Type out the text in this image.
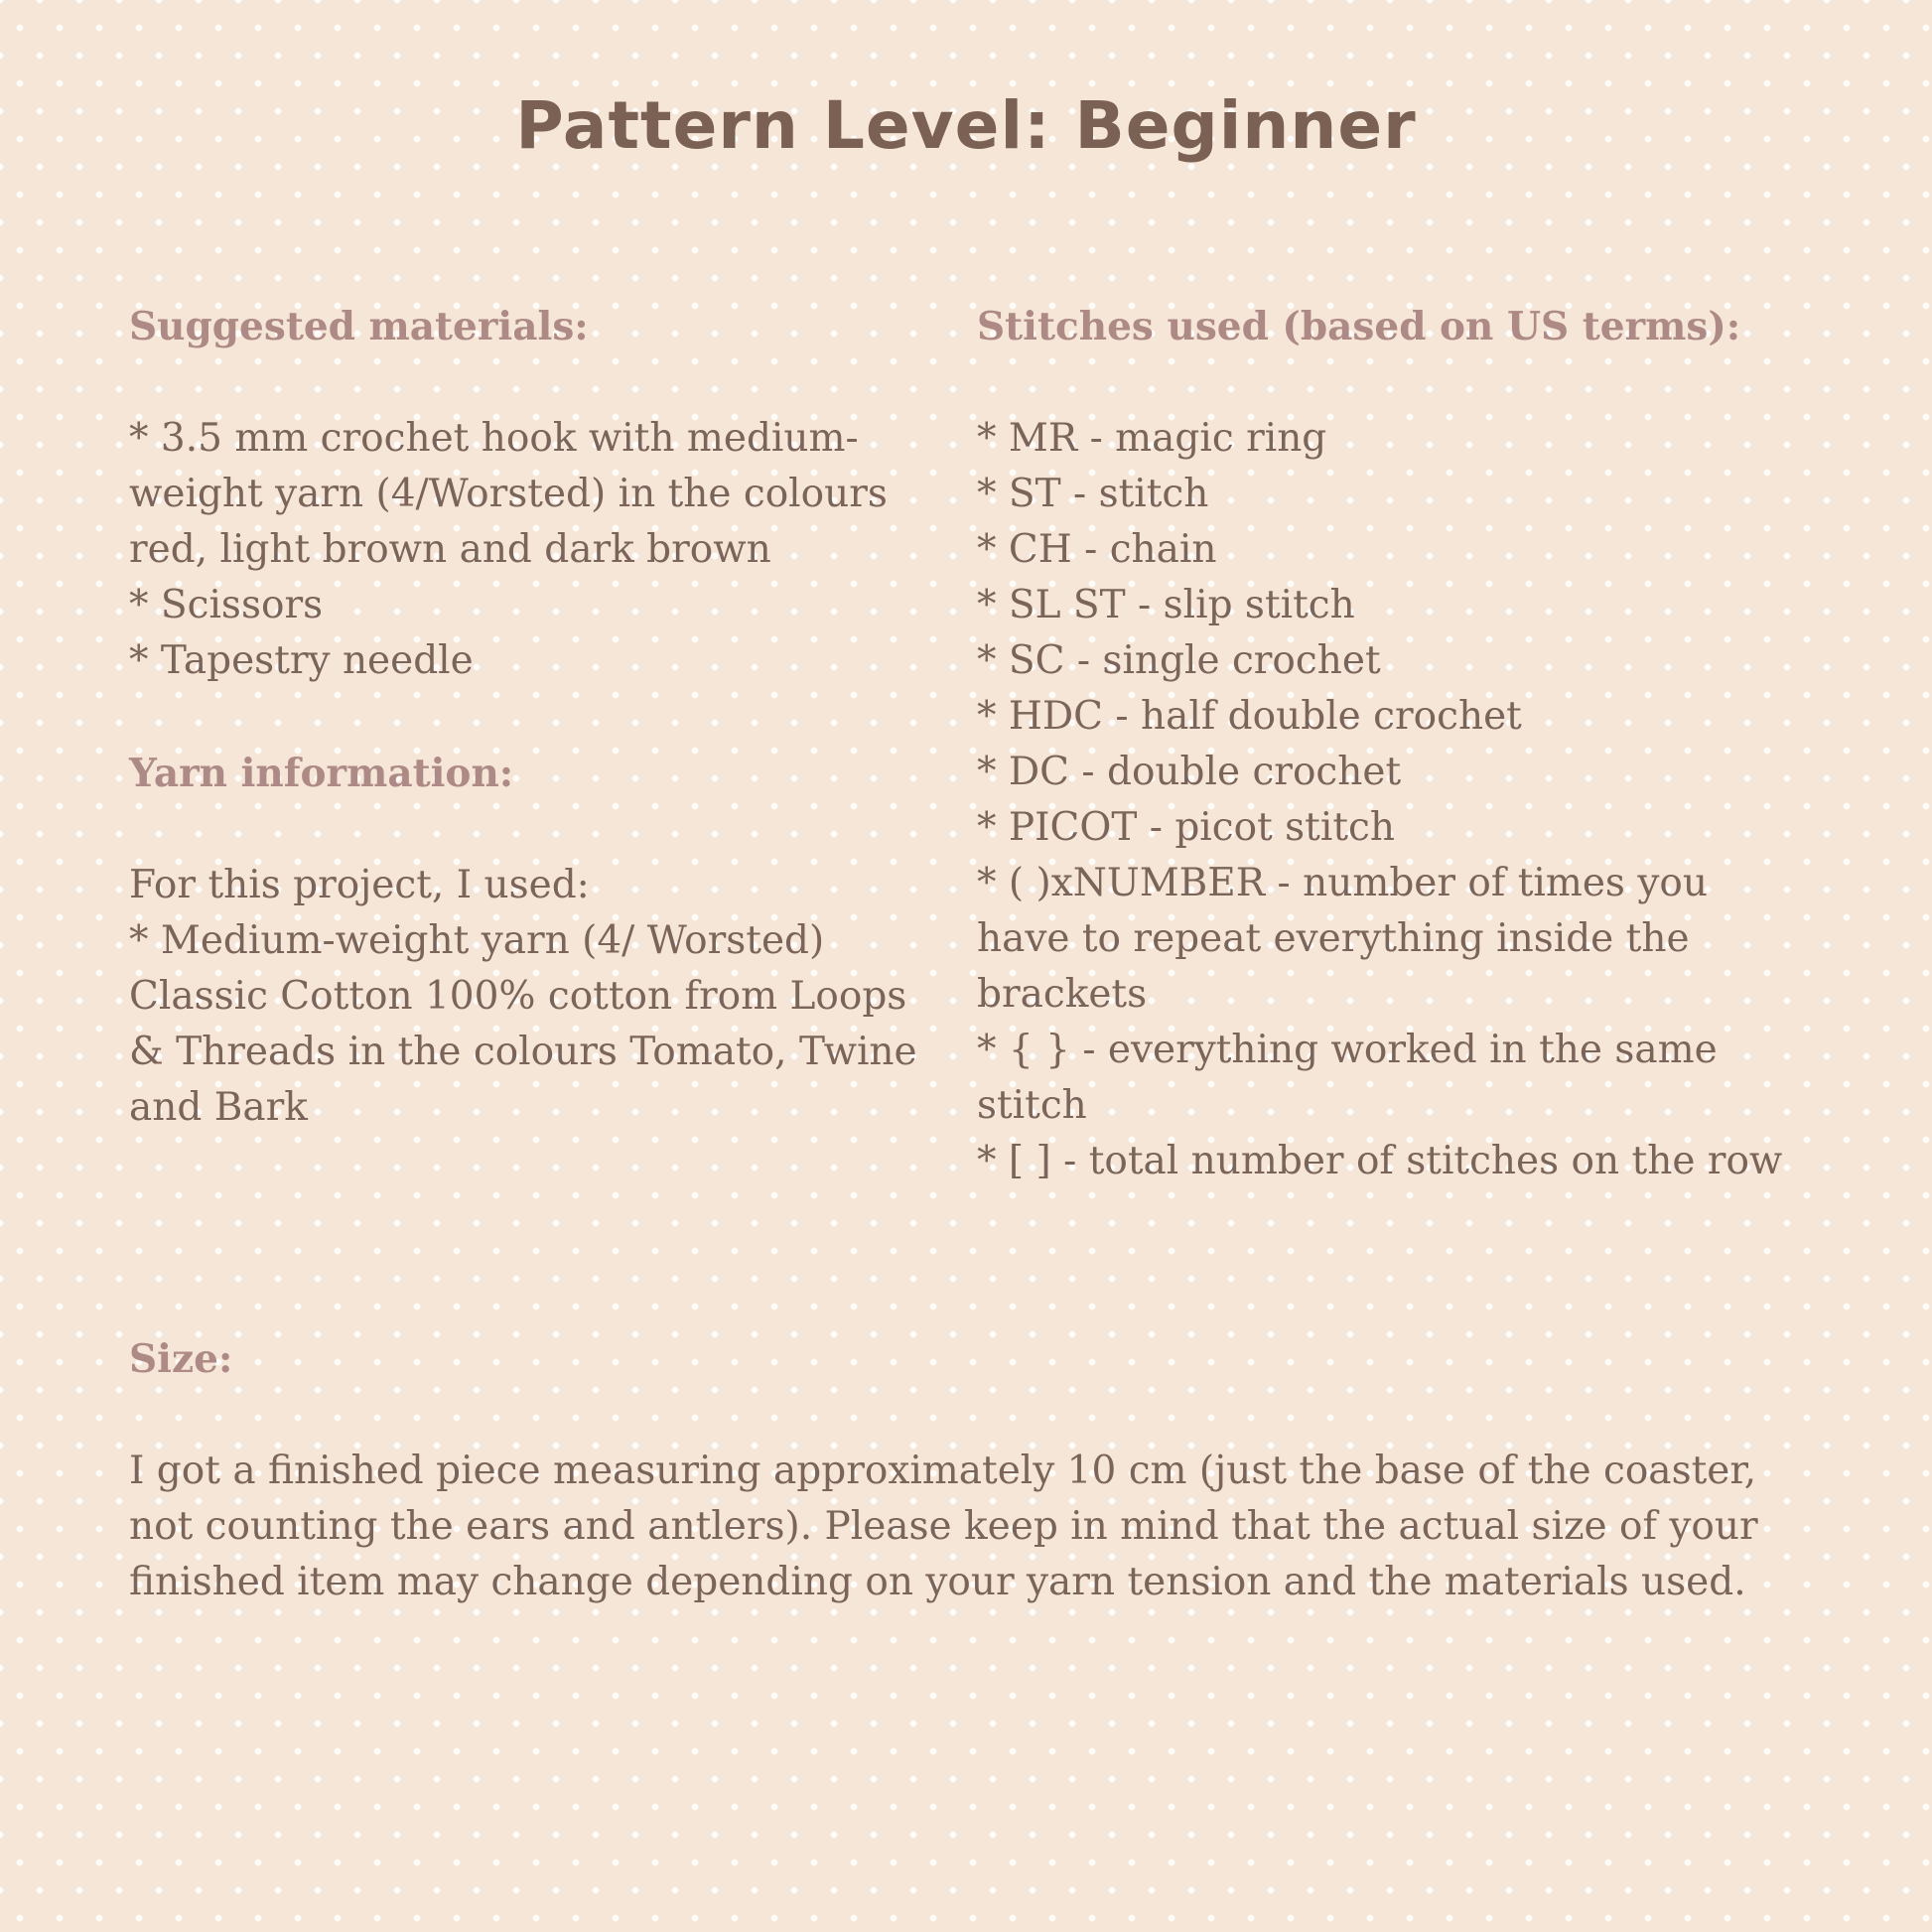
Pattern Level: Beginner
Suggested materials:
* 3.5 mm crochet hook with medium-weight yarn (4/Worsted) in the colours red, light brown and dark brown
* Scissors
* Tapestry needle
Yarn information:

For this project, I used:

* Medium-weight yarn (4/ Worsted) Classic Cotton 100% cotton from Loops & Threads in the colours Tomato, Twine and Bark
Stitches used (based on US terms):
* MR - magic ring
* ST - stitch
* CH - chain
* SL ST - slip stitch
* SC - single crochet
* HDC - half double crochet
* DC - double crochet
* PICOT - picot stitch
* ( )xNUMBER - number of times you have to repeat everything inside the brackets
* { } - everything worked in the same stitch
* [ ] - total number of stitches on the row
Size:

I got a finished piece measuring approximately 10 cm (just the base of the coaster, not counting the ears and antlers). Please keep in mind that the actual size of your finished item may change depending on your yarn tension and the materials used.
